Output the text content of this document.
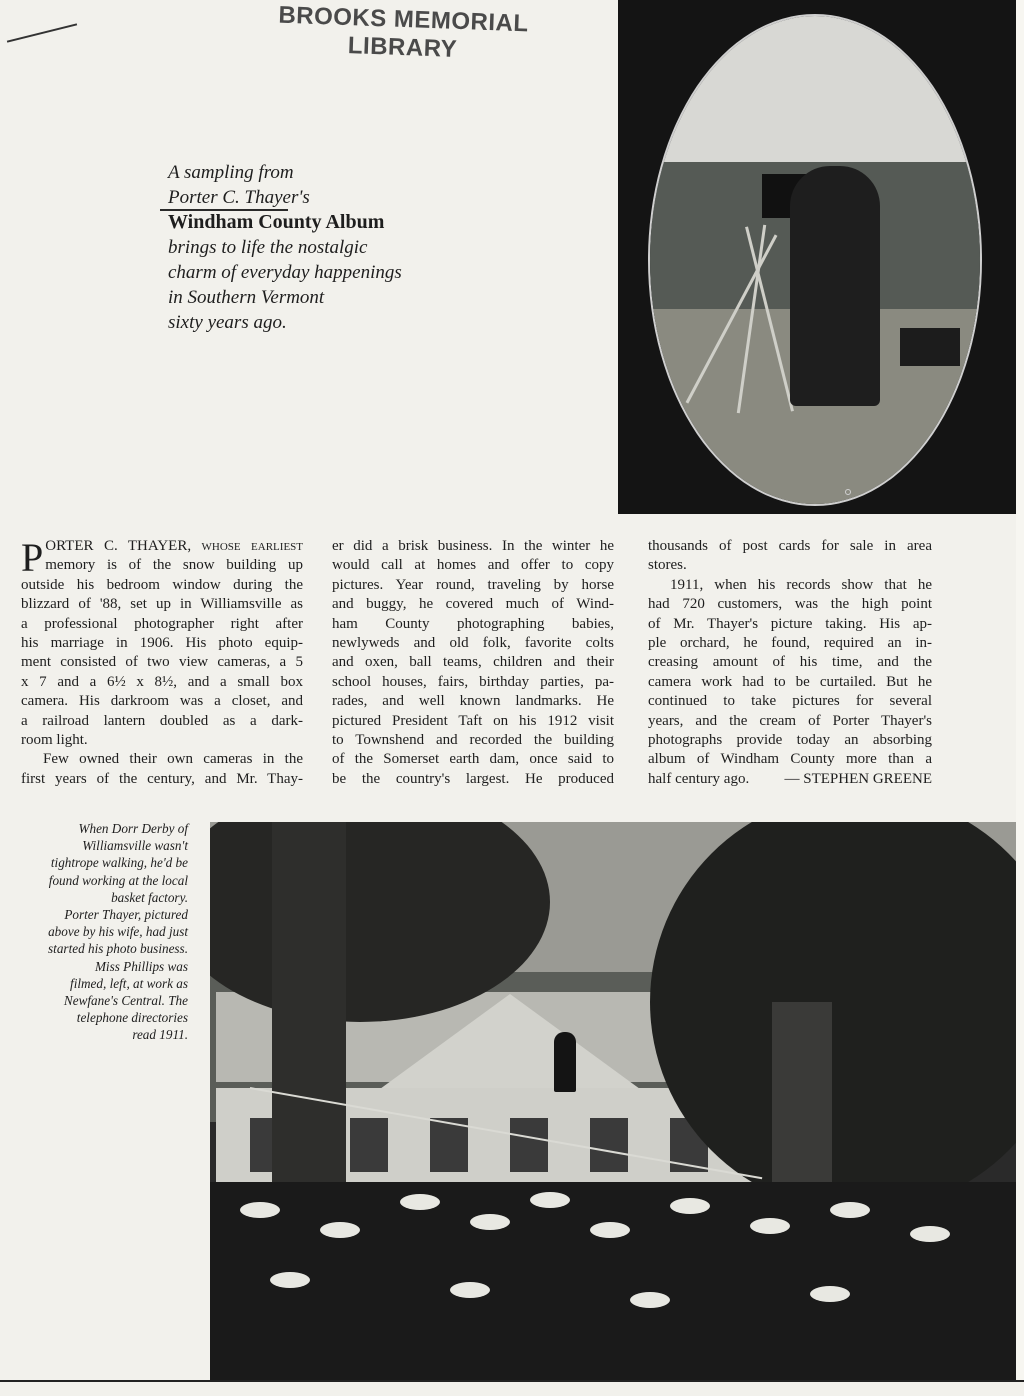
BROOKS MEMORIAL LIBRARY
A sampling from
Porter C. Thayer's
Windham County Album
brings to life the nostalgic
charm of everyday happenings
in Southern Vermont
sixty years ago.
P ORTER C. THAYER, whose earliest
memory is of the snow building up
outside his bedroom window during the
blizzard of '88, set up in Williamsville as
a professional photographer right after
his marriage in 1906. His photo equip-
ment consisted of two view cameras, a 5
x 7 and a 6½ x 8½, and a small box
camera. His darkroom was a closet, and
a railroad lantern doubled as a dark-
room light.
Few owned their own cameras in the
first years of the century, and Mr. Thay-
er did a brisk business. In the winter he
would call at homes and offer to copy
pictures. Year round, traveling by horse
and buggy, he covered much of Wind-
ham County photographing babies,
newlyweds and old folk, favorite colts
and oxen, ball teams, children and their
school houses, fairs, birthday parties, pa-
rades, and well known landmarks. He
pictured President Taft on his 1912 visit
to Townshend and recorded the building
of the Somerset earth dam, once said to
be the country's largest. He produced
thousands of post cards for sale in area
stores.
1911, when his records show that he
had 720 customers, was the high point
of Mr. Thayer's picture taking. His ap-
ple orchard, he found, required an in-
creasing amount of his time, and the
camera work had to be curtailed. But he
continued to take pictures for several
years, and the cream of Porter Thayer's
photographs provide today an absorbing
album of Windham County more than a
half century ago. — STEPHEN GREENE
When Dorr Derby of
Williamsville wasn't
tightrope walking, he'd be
found working at the local
basket factory.
Porter Thayer, pictured
above by his wife, had just
started his photo business.
Miss Phillips was
filmed, left, at work as
Newfane's Central. The
telephone directories
read 1911.
